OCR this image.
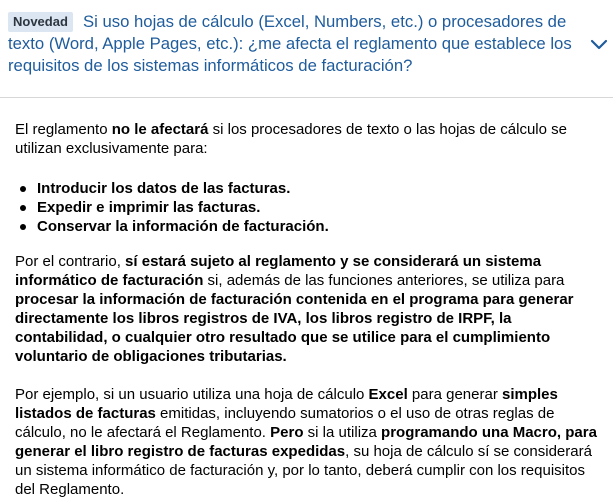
Si uso hojas de cálculo (Excel, Numbers, etc.) o procesadores de texto (Word, Apple Pages, etc.): ¿me afecta el reglamento que establece los requisitos de los sistemas informáticos de facturación?

Novedad

El reglamento no le afectará si los procesadores de texto o las hojas de cálculo se utilizan exclusivamente para:

Introducir los datos de las facturas.
Expedir e imprimir las facturas.
Conservar la información de facturación.

Por el contrario, sí estará sujeto al reglamento y se considerará un sistema informático de facturación si, además de las funciones anteriores, se utiliza para procesar la información de facturación contenida en el programa para generar directamente los libros registros de IVA, los libros registro de IRPF, la contabilidad, o cualquier otro resultado que se utilice para el cumplimiento voluntario de obligaciones tributarias.

Por ejemplo, si un usuario utiliza una hoja de cálculo Excel para generar simples listados de facturas emitidas, incluyendo sumatorios o el uso de otras reglas de cálculo, no le afectará el Reglamento. Pero si la utiliza programando una Macro, para generar el libro registro de facturas expedidas, su hoja de cálculo sí se considerará un sistema informático de facturación y, por lo tanto, deberá cumplir con los requisitos del Reglamento.
